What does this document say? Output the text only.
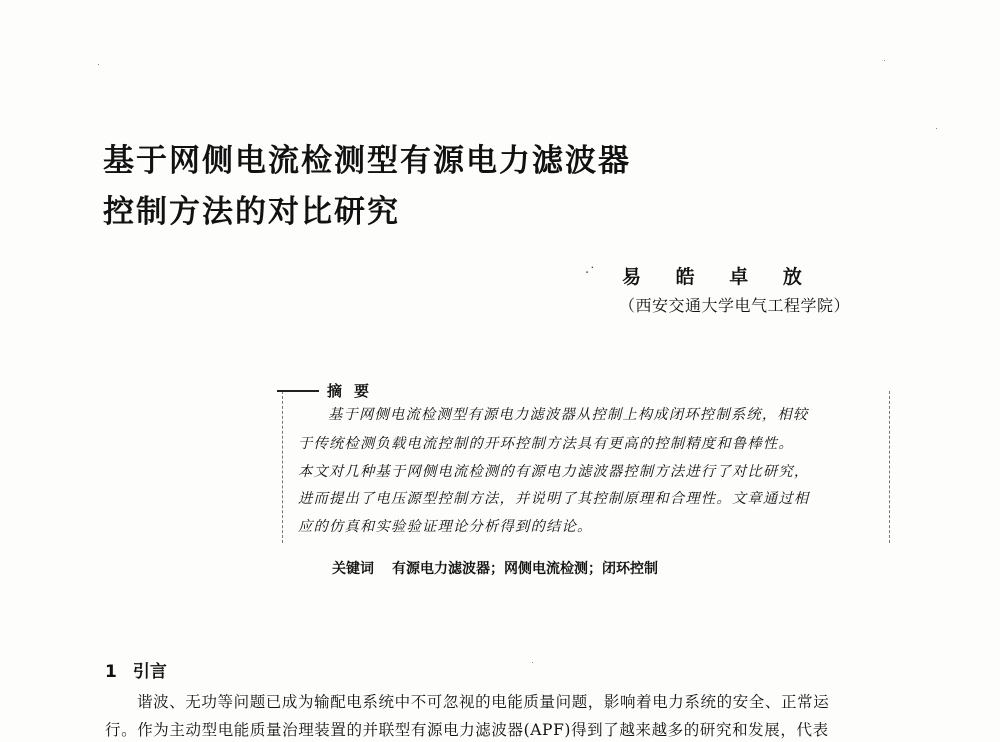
基于网侧电流检测型有源电力滤波器
控制方法的对比研究
·˙ 易 皓 卓 放
（西安交通大学电气工程学院）
摘要
基于网侧电流检测型有源电力滤波器从控制上构成闭环控制系统，相较
于传统检测负载电流控制的开环控制方法具有更高的控制精度和鲁棒性。
本文对几种基于网侧电流检测的有源电力滤波器控制方法进行了对比研究，
进而提出了电压源型控制方法，并说明了其控制原理和合理性。文章通过相
应的仿真和实验验证理论分析得到的结论。
关键词 有源电力滤波器；网侧电流检测；闭环控制
1 引言
谐波、无功等问题已成为输配电系统中不可忽视的电能质量问题，影响着电力系统的安全、正常运
行。作为主动型电能质量治理装置的并联型有源电力滤波器(APF)得到了越来越多的研究和发展，代表
